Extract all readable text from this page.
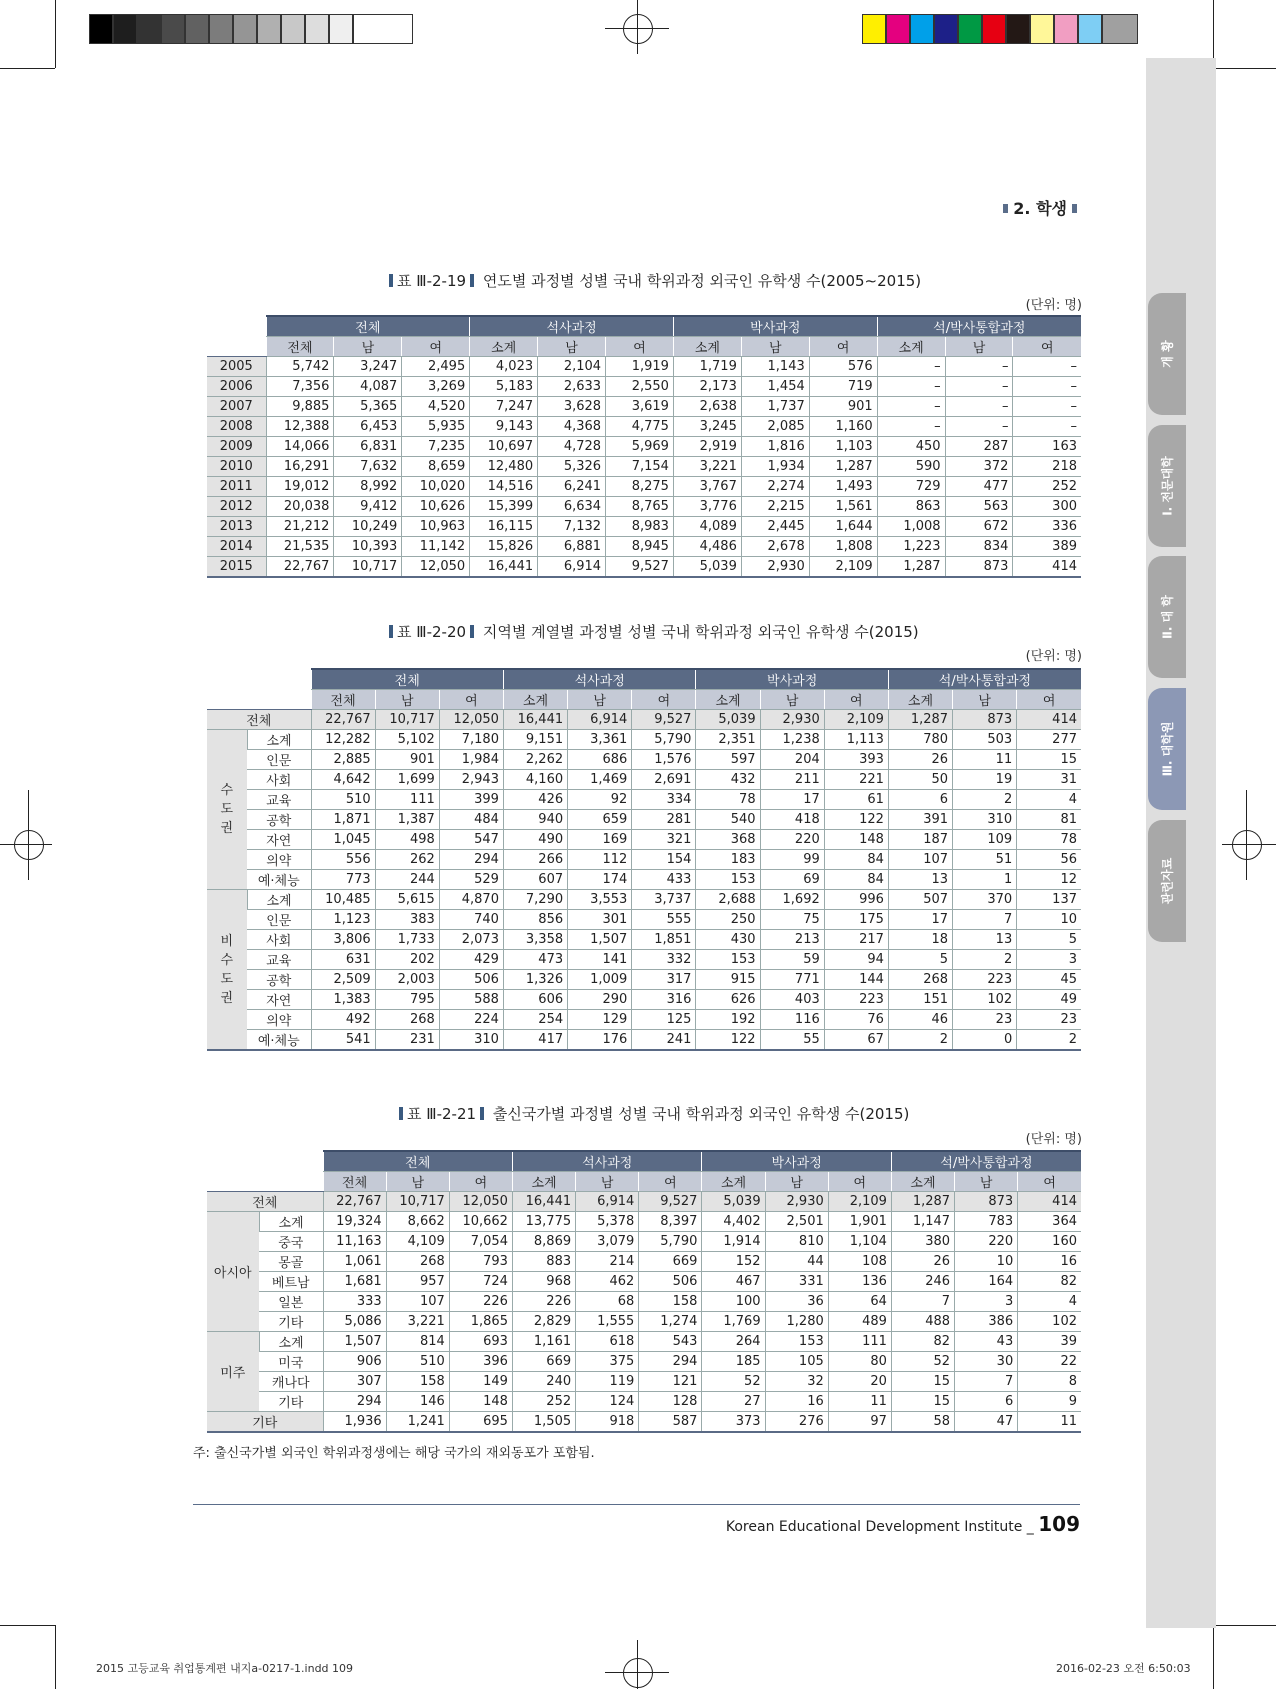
개 황
Ⅰ. 전문대학
Ⅱ. 대 학
Ⅲ. 대학원
관련자료
2. 학생
표 Ⅲ-2-19 연도별 과정별 성별 국내 학위과정 외국인 유학생 수(2005∼2015)
(단위: 명)
	전체			석사과정			박사과정			석/박사통합과정		
	전체	남	여	소계	남	여	소계	남	여	소계	남	여
2005	5,742	3,247	2,495	4,023	2,104	1,919	1,719	1,143	576	–	–	–
2006	7,356	4,087	3,269	5,183	2,633	2,550	2,173	1,454	719	–	–	–
2007	9,885	5,365	4,520	7,247	3,628	3,619	2,638	1,737	901	–	–	–
2008	12,388	6,453	5,935	9,143	4,368	4,775	3,245	2,085	1,160	–	–	–
2009	14,066	6,831	7,235	10,697	4,728	5,969	2,919	1,816	1,103	450	287	163
2010	16,291	7,632	8,659	12,480	5,326	7,154	3,221	1,934	1,287	590	372	218
2011	19,012	8,992	10,020	14,516	6,241	8,275	3,767	2,274	1,493	729	477	252
2012	20,038	9,412	10,626	15,399	6,634	8,765	3,776	2,215	1,561	863	563	300
2013	21,212	10,249	10,963	16,115	7,132	8,983	4,089	2,445	1,644	1,008	672	336
2014	21,535	10,393	11,142	15,826	6,881	8,945	4,486	2,678	1,808	1,223	834	389
2015	22,767	10,717	12,050	16,441	6,914	9,527	5,039	2,930	2,109	1,287	873	414
표 Ⅲ-2-20 지역별 계열별 과정별 성별 국내 학위과정 외국인 유학생 수(2015)
(단위: 명)
		전체			석사과정			박사과정			석/박사통합과정		
		전체	남	여	소계	남	여	소계	남	여	소계	남	여
전체		22,767	10,717	12,050	16,441	6,914	9,527	5,039	2,930	2,109	1,287	873	414

수
도
권	소계	12,282	5,102	7,180	9,151	3,361	5,790	2,351	1,238	1,113	780	503	277
	인문	2,885	901	1,984	2,262	686	1,576	597	204	393	26	11	15
	사회	4,642	1,699	2,943	4,160	1,469	2,691	432	211	221	50	19	31
	교육	510	111	399	426	92	334	78	17	61	6	2	4
	공학	1,871	1,387	484	940	659	281	540	418	122	391	310	81
	자연	1,045	498	547	490	169	321	368	220	148	187	109	78
	의약	556	262	294	266	112	154	183	99	84	107	51	56
	예·체능	773	244	529	607	174	433	153	69	84	13	1	12

비
수
도
권	소계	10,485	5,615	4,870	7,290	3,553	3,737	2,688	1,692	996	507	370	137
	인문	1,123	383	740	856	301	555	250	75	175	17	7	10
	사회	3,806	1,733	2,073	3,358	1,507	1,851	430	213	217	18	13	5
	교육	631	202	429	473	141	332	153	59	94	5	2	3
	공학	2,509	2,003	506	1,326	1,009	317	915	771	144	268	223	45
	자연	1,383	795	588	606	290	316	626	403	223	151	102	49
	의약	492	268	224	254	129	125	192	116	76	46	23	23
	예·체능	541	231	310	417	176	241	122	55	67	2	0	2
표 Ⅲ-2-21 출신국가별 과정별 성별 국내 학위과정 외국인 유학생 수(2015)
(단위: 명)
		전체			석사과정			박사과정			석/박사통합과정		
		전체	남	여	소계	남	여	소계	남	여	소계	남	여
전체		22,767	10,717	12,050	16,441	6,914	9,527	5,039	2,930	2,109	1,287	873	414
아시아	소계	19,324	8,662	10,662	13,775	5,378	8,397	4,402	2,501	1,901	1,147	783	364
	중국	11,163	4,109	7,054	8,869	3,079	5,790	1,914	810	1,104	380	220	160
	몽골	1,061	268	793	883	214	669	152	44	108	26	10	16
	베트남	1,681	957	724	968	462	506	467	331	136	246	164	82
	일본	333	107	226	226	68	158	100	36	64	7	3	4
	기타	5,086	3,221	1,865	2,829	1,555	1,274	1,769	1,280	489	488	386	102
미주	소계	1,507	814	693	1,161	618	543	264	153	111	82	43	39
	미국	906	510	396	669	375	294	185	105	80	52	30	22
	캐나다	307	158	149	240	119	121	52	32	20	15	7	8
	기타	294	146	148	252	124	128	27	16	11	15	6	9
기타		1,936	1,241	695	1,505	918	587	373	276	97	58	47	11
주: 출신국가별 외국인 학위과정생에는 해당 국가의 재외동포가 포함됨.
Korean Educational Development Institute _ 109
2015 고등교육 취업통계편 내지a-0217-1.indd 109	2016-02-23 오전 6:50:03
